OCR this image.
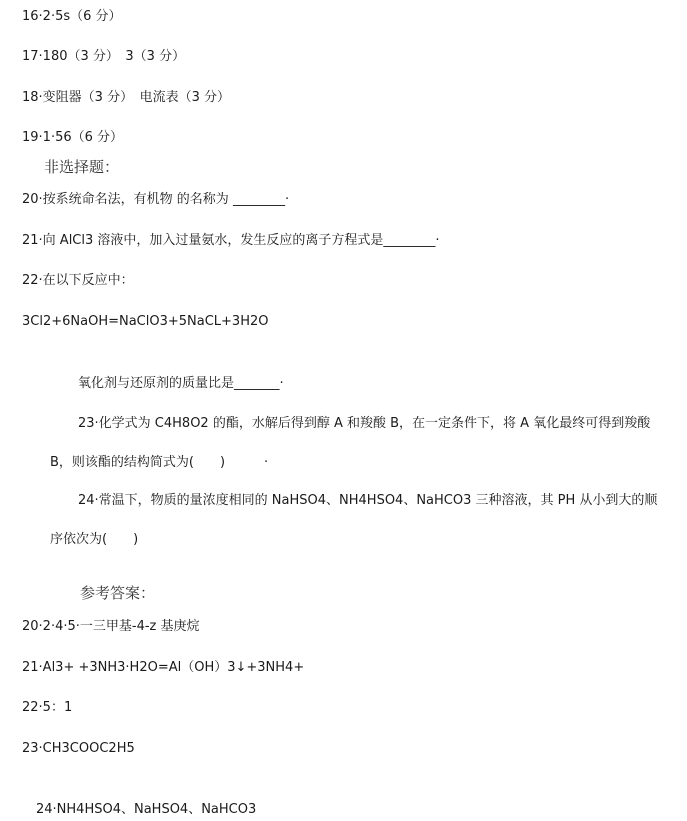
16·2·5s（6 分）
17·180（3 分）　3（3 分）
18·变阻器（3 分）　电流表（3 分）
19·1·56（6 分）
非选择题：
20·按系统命名法，有机物 的名称为 ________·
21·向 AlCl3 溶液中，加入过量氨水，发生反应的离子方程式是________·
22·在以下反应中：
3Cl2+6NaOH=NaClO3+5NaCL+3H2O
氧化剂与还原剂的质量比是_______·
23·化学式为 C4H8O2 的酯，水解后得到醇 A 和羧酸 B，在一定条件下，将 A 氧化最终可得到羧酸
B，则该酯的结构简式为(　　)　　　·
24·常温下，物质的量浓度相同的 NaHSO4、NH4HSO4、NaHCO3 三种溶液，其 PH 从小到大的顺
序依次为(　　)
参考答案：
20·2·4·5·一三甲基-4-z 基庚烷
21·Al3+ +3NH3·H2O=Al（OH）3↓+3NH4+
22·5：1
23·CH3COOC2H5
24·NH4HSO4、NaHSO4、NaHCO3
